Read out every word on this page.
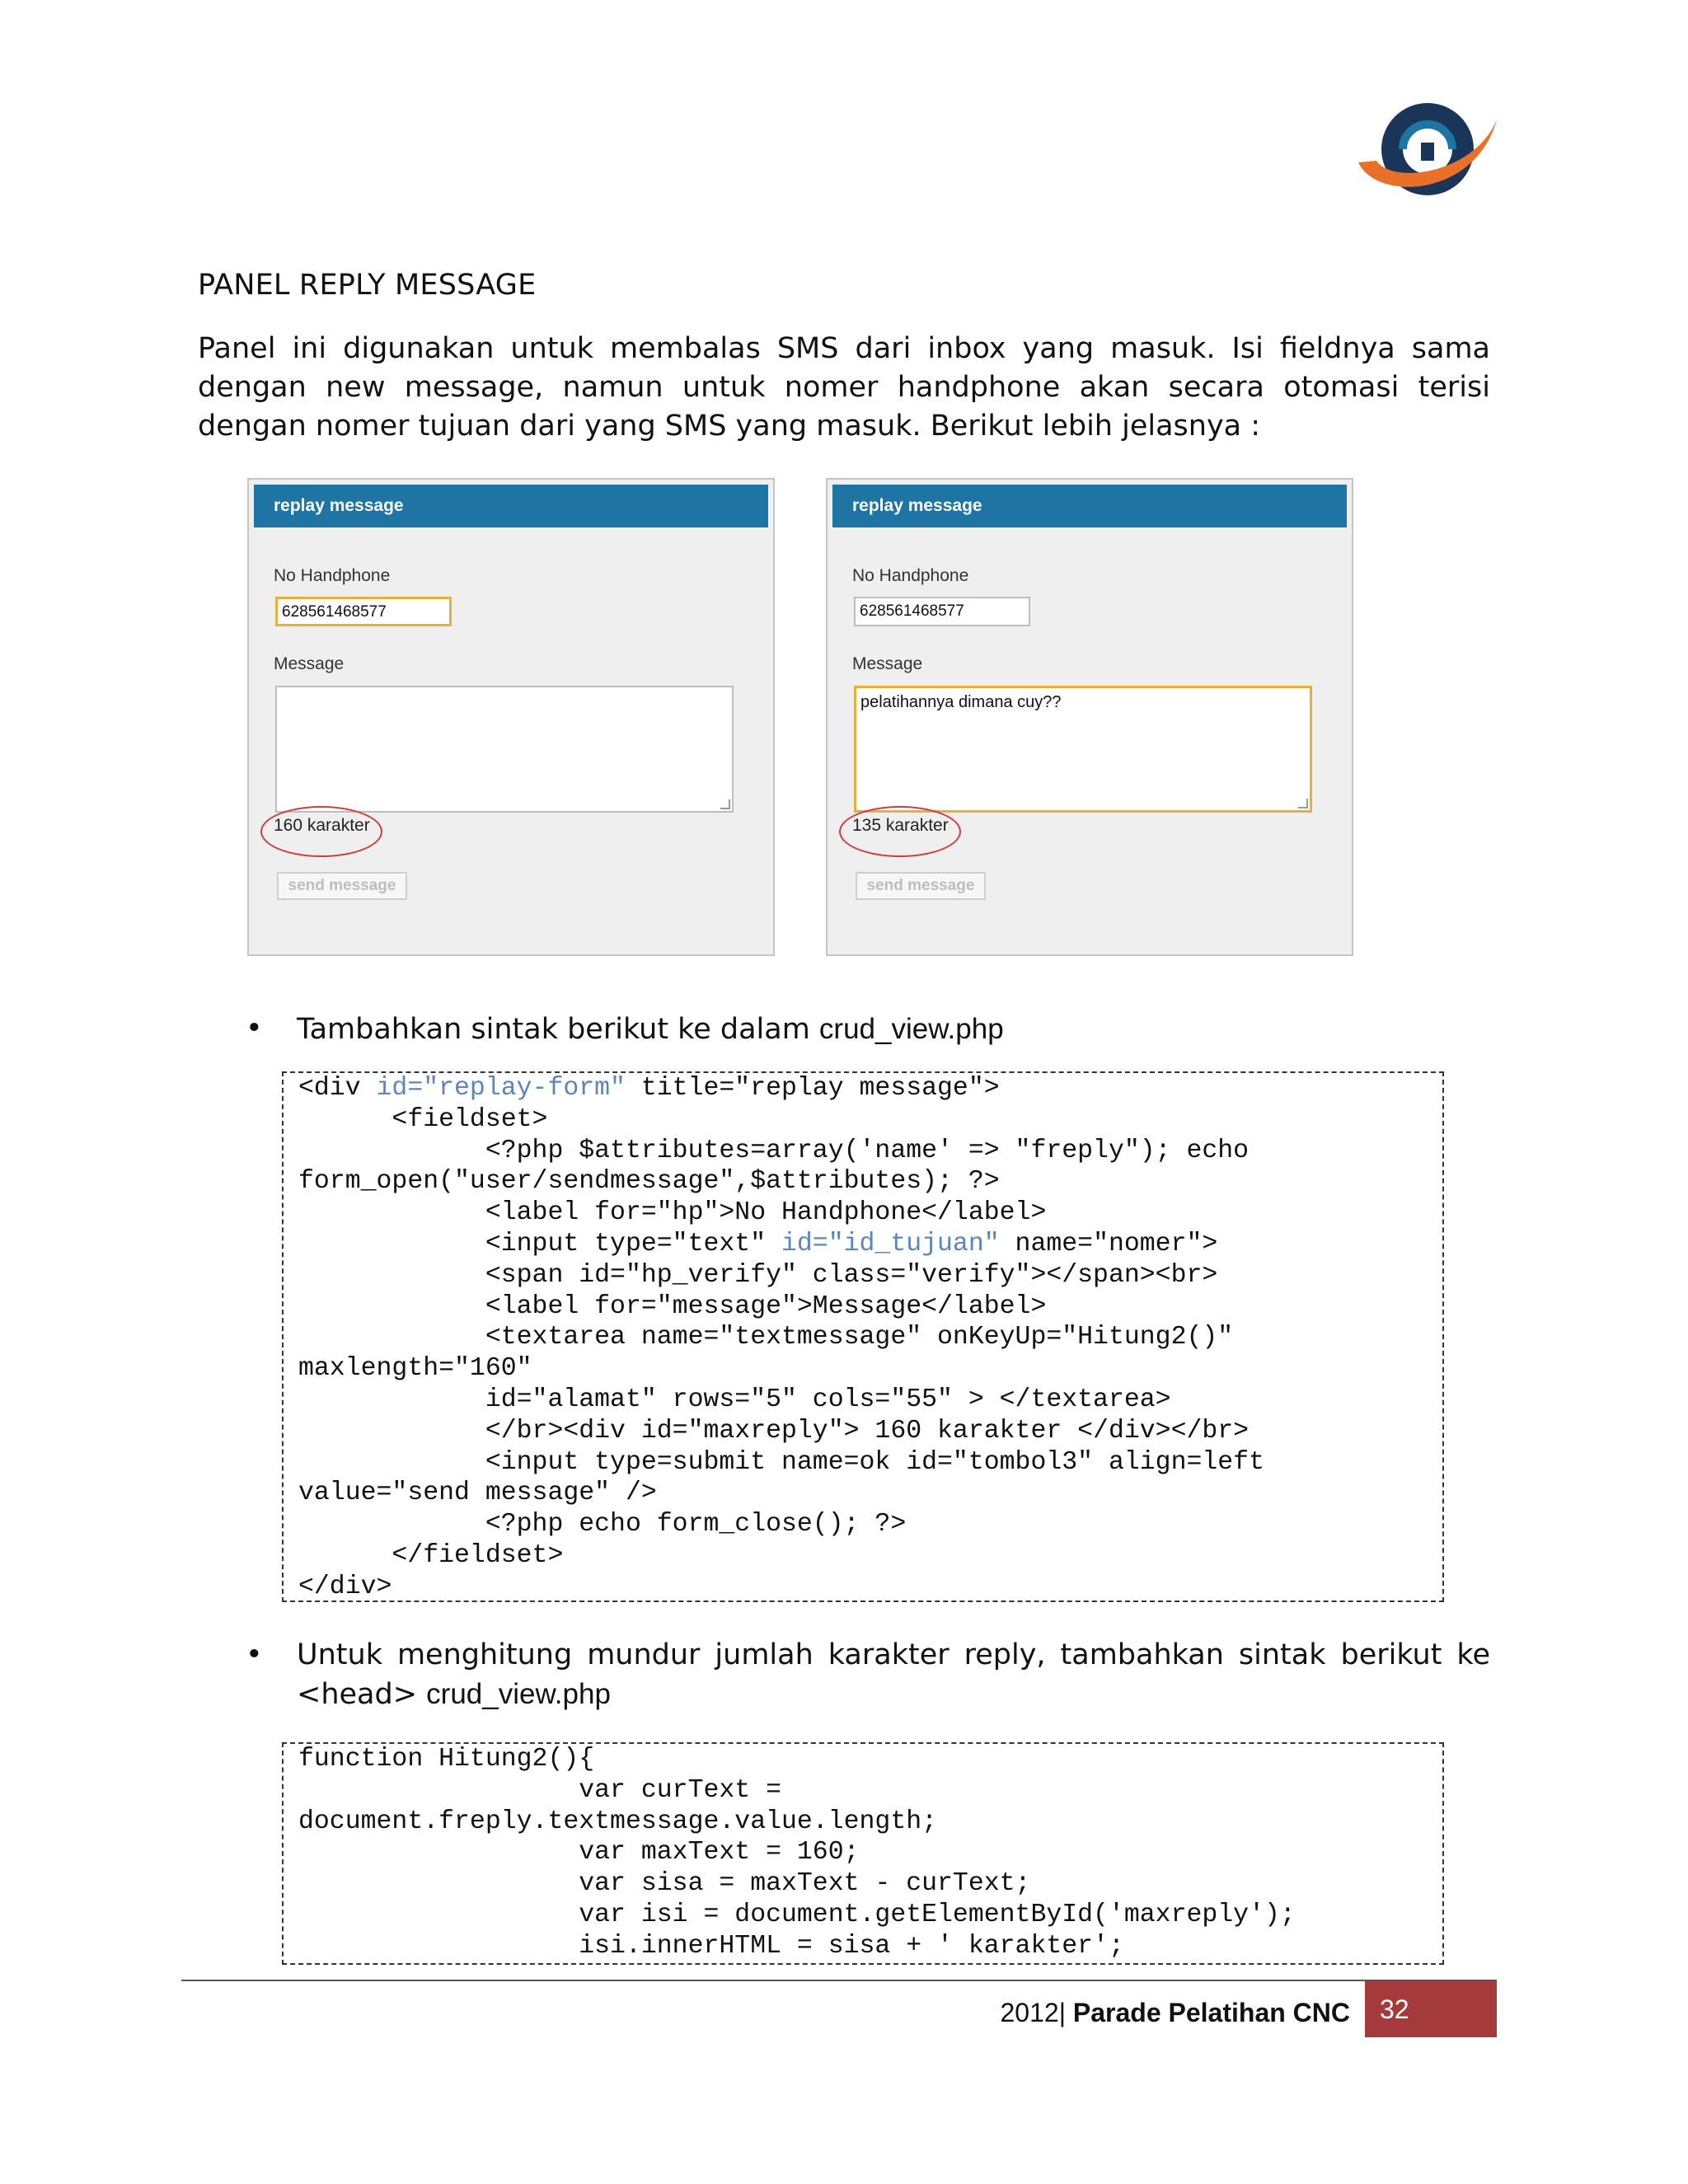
PANEL REPLY MESSAGE
Panel ini digunakan untuk membalas SMS dari inbox yang masuk. Isi fieldnya sama dengan new message, namun untuk nomer handphone akan secara otomasi terisi dengan nomer tujuan dari yang SMS yang masuk. Berikut lebih jelasnya :
replay message
No Handphone
628561468577
Message
160 karakter
send message
replay message
No Handphone
628561468577
Message
pelatihannya dimana cuy??
135 karakter
send message
• Tambahkan sintak berikut ke dalam crud_view.php
<div id="replay-form" title="replay message">
<fieldset>
<?php $attributes=array('name' => "freply"); echo
form_open("user/sendmessage",$attributes); ?>
<label for="hp">No Handphone</label>
<input type="text" id="id_tujuan" name="nomer">
<span id="hp_verify" class="verify"></span><br>
<label for="message">Message</label>
<textarea name="textmessage" onKeyUp="Hitung2()"
maxlength="160"
id="alamat" rows="5" cols="55" > </textarea>
</br><div id="maxreply"> 160 karakter </div></br>
<input type=submit name=ok id="tombol3" align=left
value="send message" />
<?php echo form_close(); ?>
</fieldset>
</div>
• Untuk menghitung mundur jumlah karakter reply, tambahkan sintak berikut ke <head> crud_view.php
function Hitung2(){
var curText =
document.freply.textmessage.value.length;
var maxText = 160;
var sisa = maxText - curText;
var isi = document.getElementById('maxreply');
isi.innerHTML = sisa + ' karakter';
2012| Parade Pelatihan CNC	32
